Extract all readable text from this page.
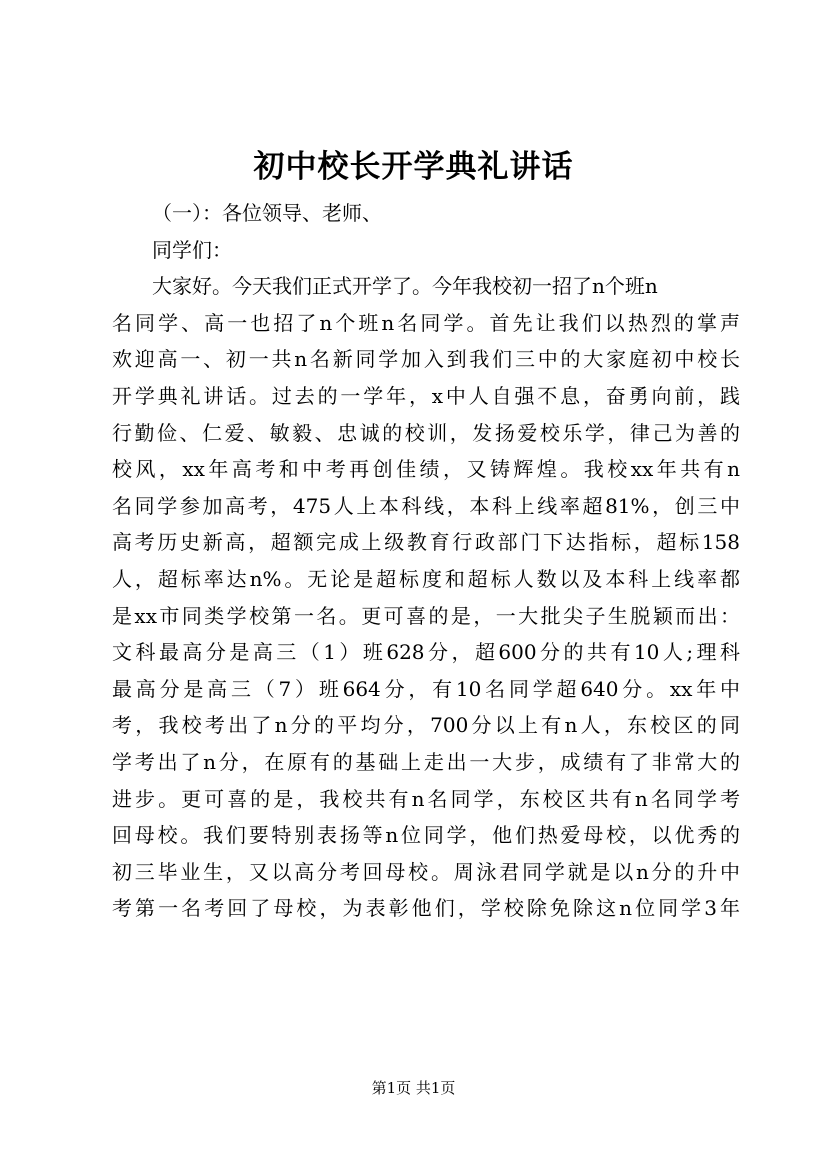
初中校长开学典礼讲话
（一）：各位领导、老师、
同学们：
大家好。今天我们正式开学了。今年我校初一招了n个班n
名同学、高一也招了n个班n名同学。首先让我们以热烈的掌声
欢迎高一、初一共n名新同学加入到我们三中的大家庭初中校长
开学典礼讲话。过去的一学年，x中人自强不息，奋勇向前，践
行勤俭、仁爱、敏毅、忠诚的校训，发扬爱校乐学，律己为善的
校风，xx年高考和中考再创佳绩，又铸辉煌。我校xx年共有n
名同学参加高考，475人上本科线，本科上线率超81%，创三中
高考历史新高，超额完成上级教育行政部门下达指标，超标158
人，超标率达n%。无论是超标度和超标人数以及本科上线率都
是xx市同类学校第一名。更可喜的是，一大批尖子生脱颖而出：
文科最高分是高三（1）班628分，超600分的共有10人;理科
最高分是高三（7）班664分，有10名同学超640分。xx年中
考，我校考出了n分的平均分，700分以上有n人，东校区的同
学考出了n分，在原有的基础上走出一大步，成绩有了非常大的
进步。更可喜的是，我校共有n名同学，东校区共有n名同学考
回母校。我们要特别表扬等n位同学，他们热爱母校，以优秀的
初三毕业生，又以高分考回母校。周泳君同学就是以n分的升中
考第一名考回了母校，为表彰他们，学校除免除这n位同学3年
第1页 共1页
